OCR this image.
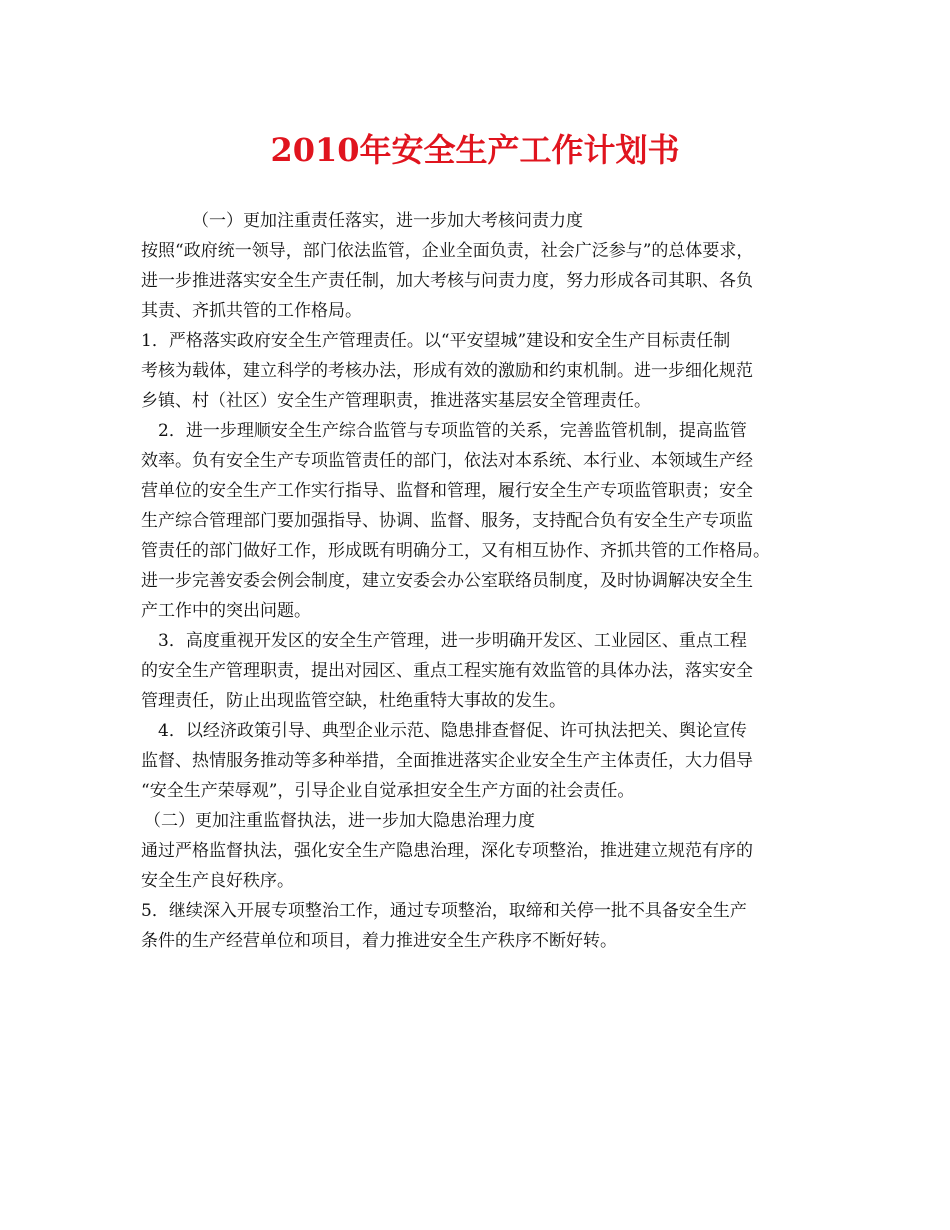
2010年安全生产工作计划书

（一）更加注重责任落实，进一步加大考核问责力度

按照“政府统一领导，部门依法监管，企业全面负责，社会广泛参与”的总体要求，

进一步推进落实安全生产责任制，加大考核与问责力度，努力形成各司其职、各负

其责、齐抓共管的工作格局。

1．严格落实政府安全生产管理责任。以“平安望城”建设和安全生产目标责任制

考核为载体，建立科学的考核办法，形成有效的激励和约束机制。进一步细化规范

乡镇、村（社区）安全生产管理职责，推进落实基层安全管理责任。

2．进一步理顺安全生产综合监管与专项监管的关系，完善监管机制，提高监管

效率。负有安全生产专项监管责任的部门，依法对本系统、本行业、本领域生产经

营单位的安全生产工作实行指导、监督和管理，履行安全生产专项监管职责；安全

生产综合管理部门要加强指导、协调、监督、服务，支持配合负有安全生产专项监

管责任的部门做好工作，形成既有明确分工，又有相互协作、齐抓共管的工作格局。

进一步完善安委会例会制度，建立安委会办公室联络员制度，及时协调解决安全生

产工作中的突出问题。

3．高度重视开发区的安全生产管理，进一步明确开发区、工业园区、重点工程

的安全生产管理职责，提出对园区、重点工程实施有效监管的具体办法，落实安全

管理责任，防止出现监管空缺，杜绝重特大事故的发生。

4．以经济政策引导、典型企业示范、隐患排查督促、许可执法把关、舆论宣传

监督、热情服务推动等多种举措，全面推进落实企业安全生产主体责任，大力倡导

“安全生产荣辱观”，引导企业自觉承担安全生产方面的社会责任。

（二）更加注重监督执法，进一步加大隐患治理力度

通过严格监督执法，强化安全生产隐患治理，深化专项整治，推进建立规范有序的

安全生产良好秩序。

5．继续深入开展专项整治工作，通过专项整治，取缔和关停一批不具备安全生产

条件的生产经营单位和项目，着力推进安全生产秩序不断好转。
